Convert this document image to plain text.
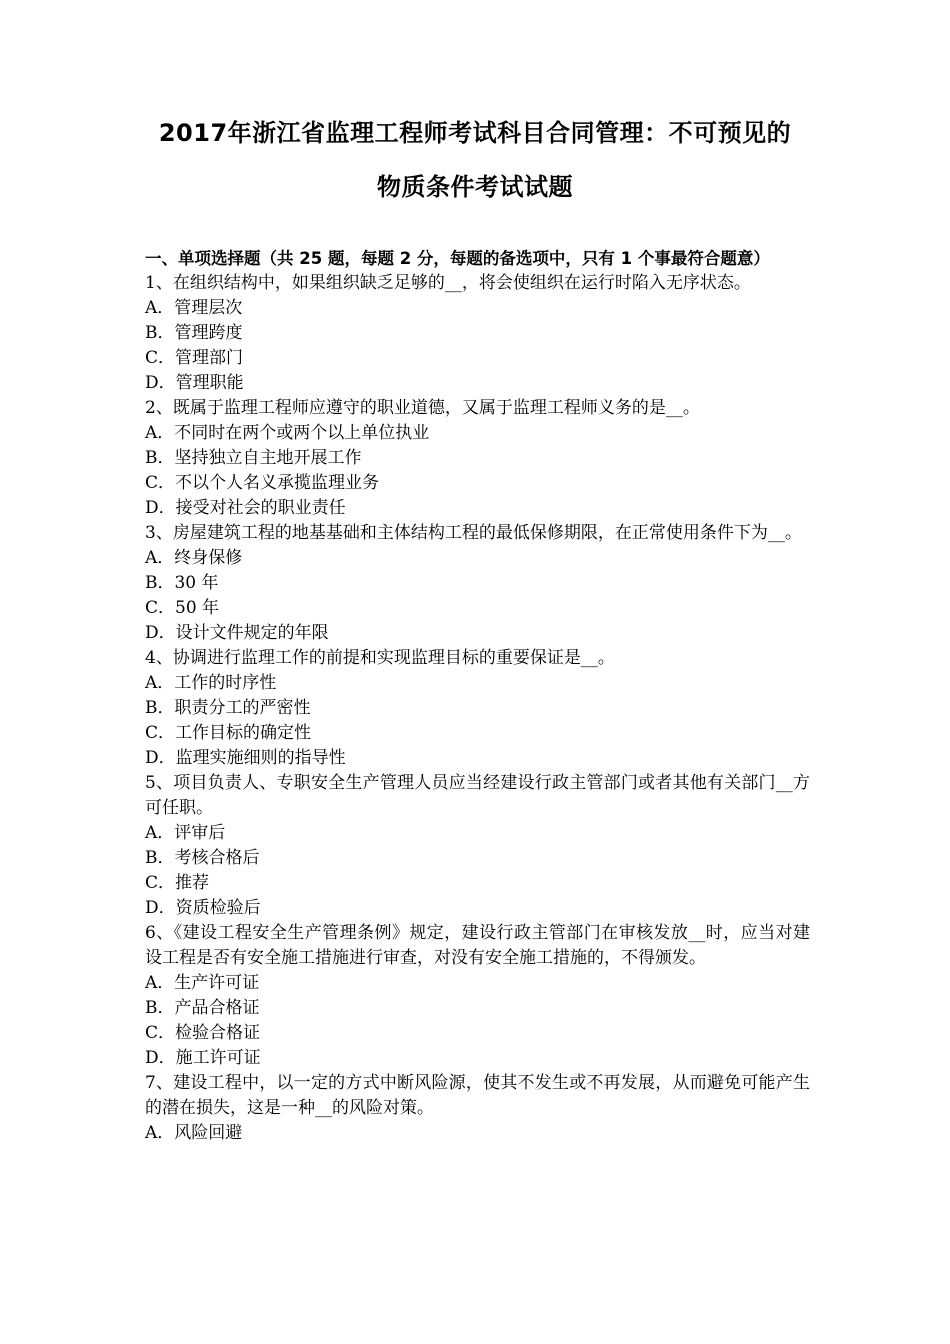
2017年浙江省监理工程师考试科目合同管理：不可预见的
物质条件考试试题
一、单项选择题（共 25 题，每题 2 分，每题的备选项中，只有 1 个事最符合题意）
1、在组织结构中，如果组织缺乏足够的__，将会使组织在运行时陷入无序状态。
A．管理层次
B．管理跨度
C．管理部门
D．管理职能
2、既属于监理工程师应遵守的职业道德，又属于监理工程师义务的是__。
A．不同时在两个或两个以上单位执业
B．坚持独立自主地开展工作
C．不以个人名义承揽监理业务
D．接受对社会的职业责任
3、房屋建筑工程的地基基础和主体结构工程的最低保修期限，在正常使用条件下为__。
A．终身保修
B．30 年
C．50 年
D．设计文件规定的年限
4、协调进行监理工作的前提和实现监理目标的重要保证是__。
A．工作的时序性
B．职责分工的严密性
C．工作目标的确定性
D．监理实施细则的指导性
5、项目负责人、专职安全生产管理人员应当经建设行政主管部门或者其他有关部门__方可任职。
A．评审后
B．考核合格后
C．推荐
D．资质检验后
6、《建设工程安全生产管理条例》规定，建设行政主管部门在审核发放__时，应当对建设工程是否有安全施工措施进行审查，对没有安全施工措施的，不得颁发。
A．生产许可证
B．产品合格证
C．检验合格证
D．施工许可证
7、建设工程中，以一定的方式中断风险源，使其不发生或不再发展，从而避免可能产生的潜在损失，这是一种__的风险对策。
A．风险回避
